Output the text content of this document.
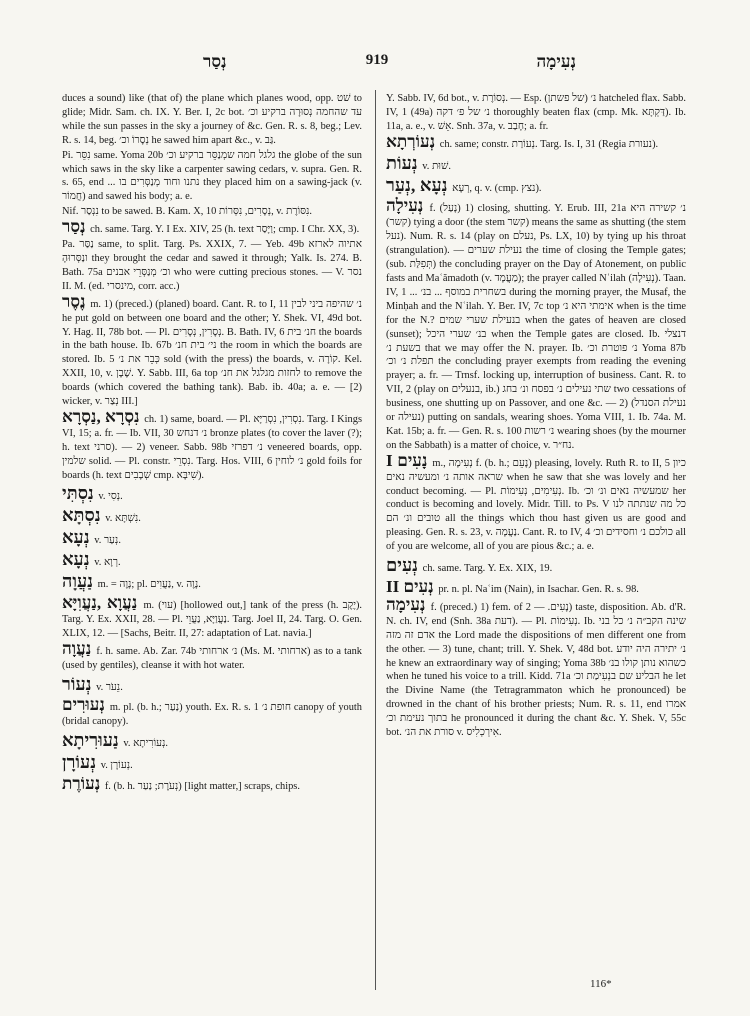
נְסַר	919	נְעִימָה
duces a sound) like (that of) the plane which planes wood, opp. שׁט to glide; Midr. Sam. ch. IX. Y. Ber. I, 2c bot. עד שהחמה נְסוּרָה ברקיע וכ׳ while the sun passes in the sky a journey of &c. Gen. R. s. 8, beg.; Lev. R. s. 14, beg. נְסָרוֹ וכ׳ he sawed him apart &c., v. גַּב.
Pi. נִסֵּר same. Yoma 20b גלגל חמה שמְנַסֵּר ברקיע וכ׳ the globe of the sun which saws in the sky like a carpenter sawing cedars, v. supra. Gen. R. s. 65, end ... נתנו וחוד מְנַסְּרִים בו they placed him on a sawing-jack (v. חֲמוֹר) and sawed his body; a. e.
Nif. נִנְסַר to be sawed. B. Kam. X, 10 נְסָרִים, נִסְּרוֹת, v. נִסּוֹרֶת.
נְסַר ch. same. Targ. Y. I Ex. XIV, 25 (h. text וַיָּסַר; cmp. I Chr. XX, 3).
Pa. נַסַּר same, to split. Targ. Ps. XXIX, 7. — Yeb. 49b אתיוה לארזא ונַסְּרוּהָ they brought the cedar and sawed it through; Yalk. Is. 274. B. Bath. 75a וכ׳ מְנַסְּרֵי אבנים who were cutting precious stones. — V. נסר II. M. (ed. מינסרי, corr. acc.)
נֶסֶר m. 1) (preced.) (planed) board. Cant. R. to I, 11 נ׳ שהיפה ביני לבין he put gold on between one board and the other; Y. Shek. VI, 49d bot. Y. Hag. II, 78b bot. — Pl. נְסָרִין, נְסָרִים. B. Bath. IV, 6 חנ׳ בית the boards in the bath house. Ib. 67b ני׳ בית חנ׳ the room in which the boards are stored. Ib. 5 כְּבֵר את נ׳ sold (with the press) the boards, v. קוֹרָה. Kel. XXII, 10, v. שֶׁבֶן. Y. Sabb. III, 6a top לחזות מגלגל את חנ׳ to remove the boards (which covered the bathing tank). Bab. ib. 40a; a. e. — [2) wicker, v. נְצַר III.]
נִסְרָא ,נַסְרָא ch. 1) same, board. — Pl. נִסְרִין, נִסְרַיָּא. Targ. I Kings VI, 15; a. fr. — Ib. VII, 30 נ׳ דנחש bronze plates (to cover the laver (?); h. text סרני). — 2) veneer. Sabb. 98b נ׳ דפרזי veneered boards, opp. שלמין solid. — Pl. constr. נִסְרֵי. Targ. Hos. VIII, 6 נ׳ לוחין gold foils for boards (h. text שְׁבָבִים cmp. שִׁיבָּא).
נִסְתִּי v. נְסִי.
נִסְתָּא v. נִשְׁתָּא.
נְעָא v. נְעַר.
נְעָא v. רְוָא.
נַעֲוָה m. = נָוֶה; pl. נַעֲוִים, v. נָוֶה.
נַעֲוָא ,נַעֲוִיָּא m. (עוי) [hollowed out,] tank of the press (h. יֶקֶב). Targ. Y. Ex. XXII, 28. — Pl. נַעֲוַיָּא, נַעֲוֵי. Targ. Joel II, 24. Targ. O. Gen. XLIX, 12. — [Sachs, Beitr. II, 27: adaptation of Lat. navia.]
נַעֲוָה f. h. same. Ab. Zar. 74b נ׳ ארחותי (Ms. M. ארחותי) as to a tank (used by gentiles), cleanse it with hot water.
נְעוֹר v. נֵעֹר.
נְעוּרִים m. pl. (b. h.; נַעַר) youth. Ex. R. s. 1 חופת נ׳ canopy of youth (bridal canopy).
נַעוּרִיתָא v. נְעוֹרִיתָא.
נְעוֹרָן v. נְעוֹרָן.
נְעוֹרֶת f. (b. h. נְעֹרֶת; נַעַר) [light matter,] scraps, chips.
Y. Sabb. IV, 6d bot., v. נְסוֹרֶת. — Esp. (של פשתן) נ׳ hatcheled flax. Sabb. IV, 1 (49a) נ׳ של פ׳ דקה thoroughly beaten flax (cmp. Mk. דַּקְתָּא). Ib. 11a, a. e., v. אֵשׁ. Snh. 37a, v. חָבַב; a. fr.
נְעוֹרְתָא ch. same; constr. נְעוֹרַת. Targ. Is. I, 31 (Regia נעורת).
נְעוֹת v. שׁוּת.
נְעָא ,נְעַר רְעָא, q. v. (cmp. נצץ).
נְעִילָה f. (נָעַל) 1) closing, shutting. Y. Erub. III, 21a נ׳ קשירה היא (קשר) tying a door (the stem קשר) means the same as shutting (the stem נעל). Num. R. s. 14 (play on נעלם, Ps. LX, 10) by tying up his throat (strangulation). — נעילת שערים the time of closing the Temple gates; (sub. תְּפִלַּת) the concluding prayer on the Day of Atonement, on public fasts and Maʿămadoth (v. מַעֲמָד); the prayer called Nʿilah (נְעִילָה). Taan. IV, 1 ... בשחרית במוסף ... בנ׳ during the morning prayer, the Musaf, the Minḥah and the Nʿilah. Y. Ber. IV, 7c top אימתי היא נ׳ when is the time for the N.? בנעילת שערי שמים when the gates of heaven are closed (sunset); בנ׳ שערי היכל when the Temple gates are closed. Ib. דנצלי בשעת נ׳ that we may offer the N. prayer. Ib. נ׳ פוטרת וכ׳ Yoma 87b תפלת נ׳ וכ׳ the concluding prayer exempts from reading the evening prayer; a. fr. — Trnsf. locking up, interruption of business. Cant. R. to VII, 2 (play on בנעלים, ib.) שתי נעילים נ׳ בפסח ונ׳ בחג two cessations of business, one shutting up on Passover, and one &c. — 2) (נעילת הסנדל or נעילה) putting on sandals, wearing shoes. Yoma VIII, 1. Ib. 74a. M. Kat. 15b; a. fr. — Gen. R. s. 100 נ׳ רשות wearing shoes (by the mourner on the Sabbath) is a matter of choice, v. נח״ר.
נָעִים I m., נְעִימָה f. (b. h.; נָעֵם) pleasing, lovely. Ruth R. to II, 5 כיון שראה אותה נ׳ ומעשיה נאים when he saw that she was lovely and her conduct becoming. — Pl. נְעִימִים, נְעִימוֹת. Ib. שמעשיה נאים ונ׳ וכ׳ her conduct is becoming and lovely. Midr. Till. to Ps. V כל מה שנתתה לנו טובים ונ׳ הם all the things which thou hast given us are good and pleasing. Gen. R. s. 23, v. נַעֲמָה. Cant. R. to IV, 4 כולכם נ׳ וחסידים וכ׳ all of you are welcome, all of you are pious &c.; a. e.
נְעִים ch. same. Targ. Y. Ex. XIX, 19.
נְעִים II pr. n. pl. Naʿim (Nain), in Isachar. Gen. R. s. 98.
נְעִימָה f. (preced.) 1) fem. of נָעִים. — 2) taste, disposition. Ab. d'R. N. ch. IV, end (Snh. 38a דעת). — Pl. נְעִימוֹת. Ib. שינה הקב״ה נ׳ כל בני אדם זה מזה the Lord made the dispositions of men different one from the other. — 3) tune, chant; trill. Y. Shek. V, 48d bot. נ׳ יתירה היה יודע he knew an extraordinary way of singing; Yoma 38b כשהוא נותן קולו בנ׳ when he tuned his voice to a trill. Kidd. 71a הבליע שם בנְעִימַת וכ׳ he let the Divine Name (the Tetragrammaton which he pronounced) be drowned in the chant of his brother priests; Num. R. s. 11, end אמרו בתוך נעימת וכ׳ he pronounced it during the chant &c. Y. Shek. V, 55c bot. סורת את הנ׳ v. אִירְכְלִיס.
116*
